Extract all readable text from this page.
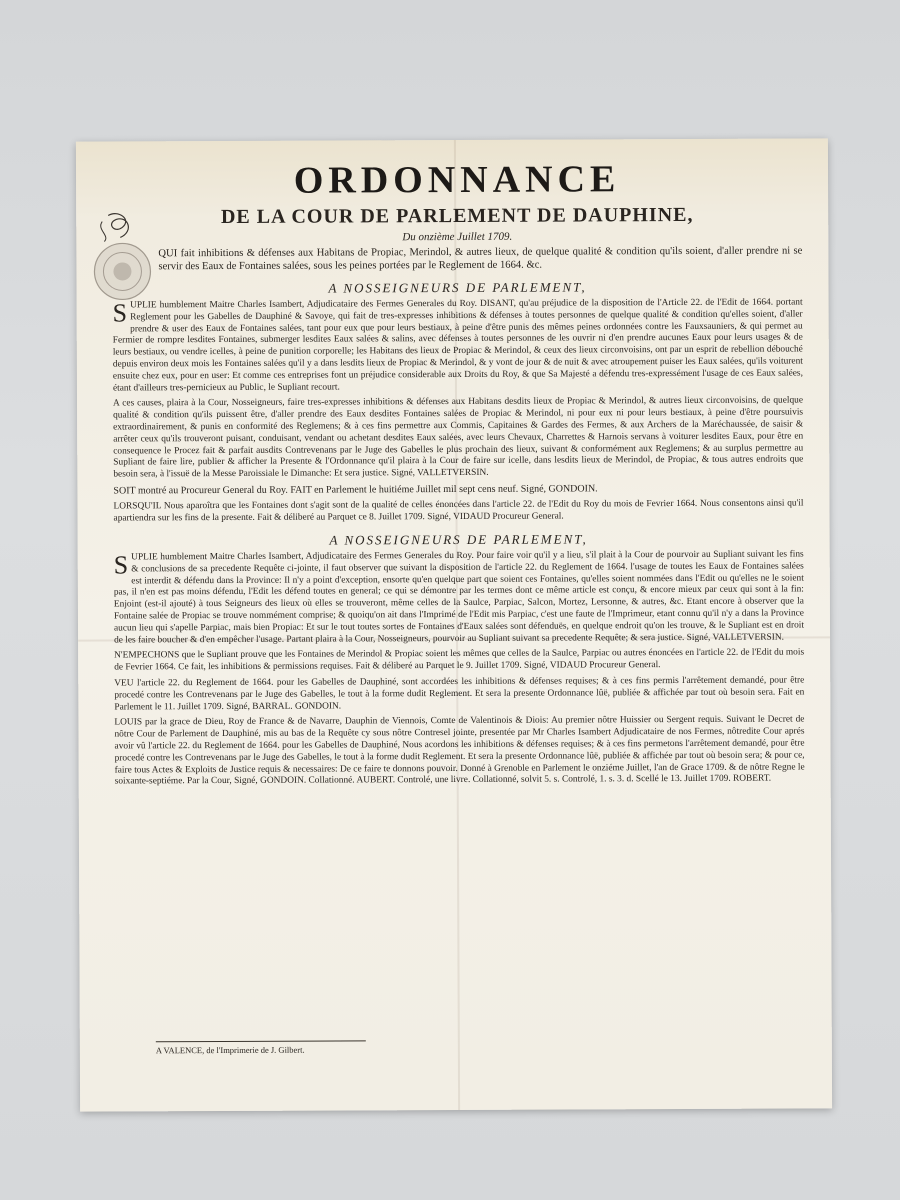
ORDONNANCE
DE LA COUR DE PARLEMENT DE DAUPHINE,
Du onzième Juillet 1709.
QUI fait inhibitions & défenses aux Habitans de Propiac, Merindol, & autres lieux, de quelque qualité & condition qu'ils soient, d'aller prendre ni se servir des Eaux de Fontaines salées, sous les peines portées par le Reglement de 1664. &c.
A NOSSEIGNEURS DE PARLEMENT,

SUPLIE humblement Maitre Charles Isambert, Adjudicataire des Fermes Generales du Roy. DISANT, qu'au préjudice de la disposition de l'Article 22. de l'Edit de 1664. portant Reglement pour les Gabelles de Dauphiné & Savoye, qui fait de tres-expresses inhibitions & défenses à toutes personnes de quelque qualité & condition qu'elles soient, d'aller prendre & user des Eaux de Fontaines salées, tant pour eux que pour leurs bestiaux, à peine d'être punis des mêmes peines ordonnées contre les Fauxsauniers, & qui permet au Fermier de rompre lesdites Fontaines, submerger lesdites Eaux salées & salins, avec défenses à toutes personnes de les ouvrir ni d'en prendre aucunes Eaux pour leurs usages & de leurs bestiaux, ou vendre icelles, à peine de punition corporelle; les Habitans des lieux de Propiac & Merindol, & ceux des lieux circonvoisins, ont par un esprit de rebellion débouché depuis environ deux mois les Fontaines salées qu'il y a dans lesdits lieux de Propiac & Merindol, & y vont de jour & de nuit & avec atroupement puiser les Eaux salées, qu'ils voiturent ensuite chez eux, pour en user: Et comme ces entreprises font un préjudice considerable aux Droits du Roy, & que Sa Majesté a défendu tres-expressément l'usage de ces Eaux salées, étant d'ailleurs tres-pernicieux au Public, le Supliant recourt.

A ces causes, plaira à la Cour, Nosseigneurs, faire tres-expresses inhibitions & défenses aux Habitans desdits lieux de Propiac & Merindol, & autres lieux circonvoisins, de quelque qualité & condition qu'ils puissent être, d'aller prendre des Eaux desdites Fontaines salées de Propiac & Merindol, ni pour eux ni pour leurs bestiaux, à peine d'être poursuivis extraordinairement, & punis en conformité des Reglemens; & à ces fins permettre aux Commis, Capitaines & Gardes des Fermes, & aux Archers de la Maréchaussée, de saisir & arrêter ceux qu'ils trouveront puisant, conduisant, vendant ou achetant desdites Eaux salées, avec leurs Chevaux, Charrettes & Harnois servans à voiturer lesdites Eaux, pour être en consequence le Procez fait & parfait ausdits Contrevenans par le Juge des Gabelles le plus prochain des lieux, suivant & conformément aux Reglemens; & au surplus permettre au Supliant de faire lire, publier & afficher la Presente & l'Ordonnance qu'il plaira à la Cour de faire sur icelle, dans lesdits lieux de Merindol, de Propiac, & tous autres endroits que besoin sera, à l'issuë de la Messe Paroissiale le Dimanche: Et sera justice. Signé, VALLETVERSIN.

SOIT montré au Procureur General du Roy. FAIT en Parlement le huitiéme Juillet mil sept cens neuf. Signé, GONDOIN.

LORSQU'IL Nous aparoîtra que les Fontaines dont s'agit sont de la qualité de celles énoncées dans l'article 22. de l'Edit du Roy du mois de Fevrier 1664. Nous consentons ainsi qu'il apartiendra sur les fins de la presente. Fait & déliberé au Parquet ce 8. Juillet 1709. Signé, VIDAUD Procureur General.

A NOSSEIGNEURS DE PARLEMENT,

SUPLIE humblement Maitre Charles Isambert, Adjudicataire des Fermes Generales du Roy. Pour faire voir qu'il y a lieu, s'il plait à la Cour de pourvoir au Supliant suivant les fins & conclusions de sa precedente Requête ci-jointe, il faut observer que suivant la disposition de l'article 22. du Reglement de 1664. l'usage de toutes les Eaux de Fontaines salées est interdit & défendu dans la Province: Il n'y a point d'exception, ensorte qu'en quelque part que soient ces Fontaines, qu'elles soient nommées dans l'Edit ou qu'elles ne le soient pas, il n'en est pas moins défendu, l'Edit les défend toutes en general; ce qui se démontre par les termes dont ce même article est conçu, & encore mieux par ceux qui sont à la fin: Enjoint (est-il ajouté) à tous Seigneurs des lieux où elles se trouveront, même celles de la Saulce, Parpiac, Salcon, Mortez, Lersonne, & autres, &c. Etant encore à observer que la Fontaine salée de Propiac se trouve nommément comprise; & quoiqu'on ait dans l'Imprimé de l'Edit mis Parpiac, c'est une faute de l'Imprimeur, etant connu qu'il n'y a dans la Province aucun lieu qui s'apelle Parpiac, mais bien Propiac: Et sur le tout toutes sortes de Fontaines d'Eaux salées sont défenduës, en quelque endroit qu'on les trouve, & le Supliant est en droit de les faire boucher & d'en empêcher l'usage. Partant plaira à la Cour, Nosseigneurs, pourvoir au Supliant suivant sa precedente Requête; & sera justice. Signé, VALLETVERSIN.

N'EMPECHONS que le Supliant prouve que les Fontaines de Merindol & Propiac soient les mêmes que celles de la Saulce, Parpiac ou autres énoncées en l'article 22. de l'Edit du mois de Fevrier 1664. Ce fait, les inhibitions & permissions requises. Fait & déliberé au Parquet le 9. Juillet 1709. Signé, VIDAUD Procureur General.

VEU l'article 22. du Reglement de 1664. pour les Gabelles de Dauphiné, sont accordées les inhibitions & défenses requises; & à ces fins permis l'arrêtement demandé, pour être procedé contre les Contrevenans par le Juge des Gabelles, le tout à la forme dudit Reglement. Et sera la presente Ordonnance lûë, publiée & affichée par tout où besoin sera. Fait en Parlement le 11. Juillet 1709. Signé, BARRAL. GONDOIN.

LOUIS par la grace de Dieu, Roy de France & de Navarre, Dauphin de Viennois, Comte de Valentinois & Diois: Au premier nôtre Huissier ou Sergent requis. Suivant le Decret de nôtre Cour de Parlement de Dauphiné, mis au bas de la Requête cy sous nôtre Contresel jointe, presentée par Mr Charles Isambert Adjudicataire de nos Fermes, nôtredite Cour aprés avoir vû l'article 22. du Reglement de 1664. pour les Gabelles de Dauphiné, Nous acordons les inhibitions & défenses requises; & à ces fins permetons l'arrêtement demandé, pour être procedé contre les Contrevenans par le Juge des Gabelles, le tout à la forme dudit Reglement. Et sera la presente Ordonnance lûë, publiée & affichée par tout où besoin sera; & pour ce, faire tous Actes & Exploits de Justice requis & necessaires: De ce faire te donnons pouvoir. Donné à Grenoble en Parlement le onziéme Juillet, l'an de Grace 1709. & de nôtre Regne le soixante-septiéme. Par la Cour, Signé, GONDOIN. Collationné. AUBERT. Controlé, une livre. Collationné, solvit 5. s. Controlé, 1. s. 3. d. Scellé le 13. Juillet 1709. ROBERT.

A VALENCE, de l'Imprimerie de J. Gilbert.
